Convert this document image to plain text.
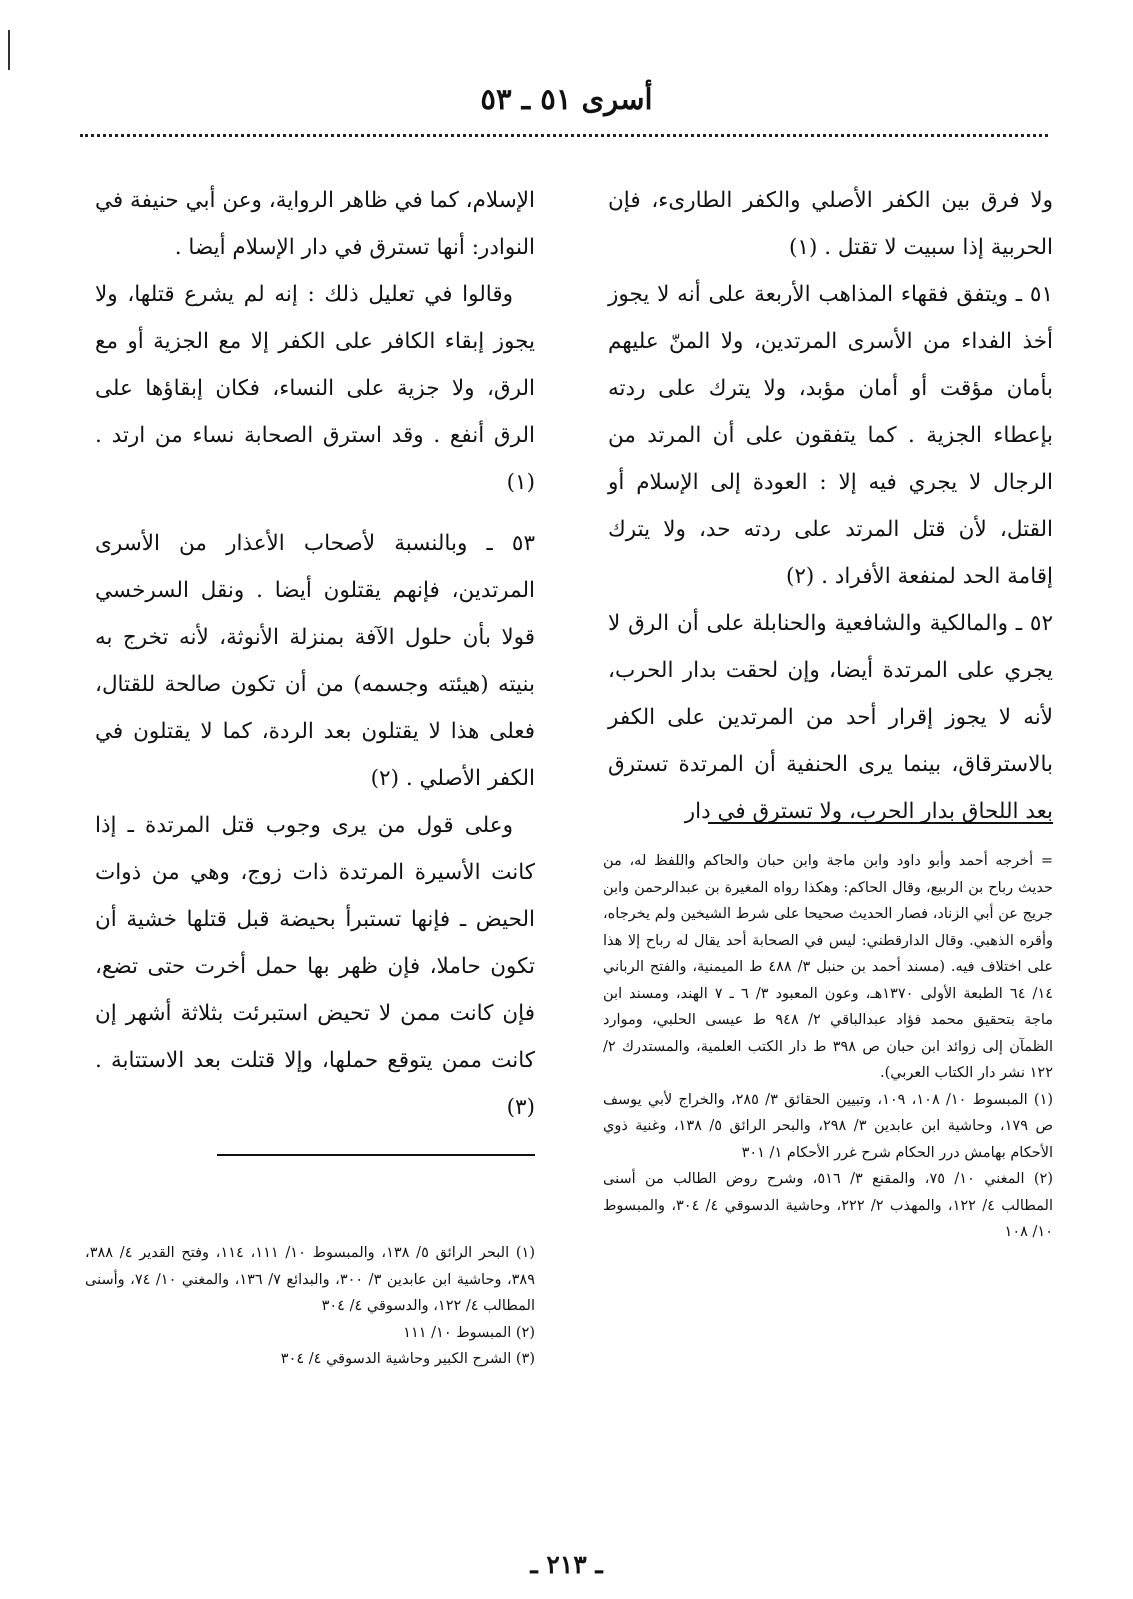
أسرى ٥١ ـ ٥٣

ولا فرق بين الكفر الأصلي والكفر الطارىء، فإن الحربية إذا سبيت لا تقتل . (١)

٥١ ـ ويتفق فقهاء المذاهب الأربعة على أنه لا يجوز أخذ الفداء من الأسرى المرتدين، ولا المنّ عليهم بأمان مؤقت أو أمان مؤبد، ولا يترك على ردته بإعطاء الجزية . كما يتفقون على أن المرتد من الرجال لا يجري فيه إلا : العودة إلى الإسلام أو القتل، لأن قتل المرتد على ردته حد، ولا يترك إقامة الحد لمنفعة الأفراد . (٢)

٥٢ ـ والمالكية والشافعية والحنابلة على أن الرق لا يجري على المرتدة أيضا، وإن لحقت بدار الحرب، لأنه لا يجوز إقرار أحد من المرتدين على الكفر بالاسترقاق، بينما يرى الحنفية أن المرتدة تسترق بعد اللحاق بدار الحرب، ولا تسترق في دار

الإسلام، كما في ظاهر الرواية، وعن أبي حنيفة في النوادر: أنها تسترق في دار الإسلام أيضا .

وقالوا في تعليل ذلك : إنه لم يشرع قتلها، ولا يجوز إبقاء الكافر على الكفر إلا مع الجزية أو مع الرق، ولا جزية على النساء، فكان إبقاؤها على الرق أنفع . وقد استرق الصحابة نساء من ارتد . (١)

٥٣ ـ وبالنسبة لأصحاب الأعذار من الأسرى المرتدين، فإنهم يقتلون أيضا . ونقل السرخسي قولا بأن حلول الآفة بمنزلة الأنوثة، لأنه تخرج به بنيته (هيئته وجسمه) من أن تكون صالحة للقتال، فعلى هذا لا يقتلون بعد الردة، كما لا يقتلون في الكفر الأصلي . (٢)

وعلى قول من يرى وجوب قتل المرتدة ـ إذا كانت الأسيرة المرتدة ذات زوج، وهي من ذوات الحيض ـ فإنها تستبرأ بحيضة قبل قتلها خشية أن تكون حاملا، فإن ظهر بها حمل أخرت حتى تضع، فإن كانت ممن لا تحيض استبرئت بثلاثة أشهر إن كانت ممن يتوقع حملها، وإلا قتلت بعد الاستتابة . (٣)

= أخرجه أحمد وأبو داود وابن ماجة وابن حبان والحاكم واللفظ له، من حديث رباح بن الربيع، وقال الحاكم: وهكذا رواه المغيرة بن عبدالرحمن وابن جريج عن أبي الزناد، فصار الحديث صحيحا على شرط الشيخين ولم يخرجاه، وأقره الذهبي. وقال الدارقطني: ليس في الصحابة أحد يقال له رباح إلا هذا على اختلاف فيه. (مسند أحمد بن حنبل ٣/ ٤٨٨ ط الميمنية، والفتح الرباني ١٤/ ٦٤ الطبعة الأولى ١٣٧٠هـ، وعون المعبود ٣/ ٦ ـ ٧ الهند، ومسند ابن ماجة بتحقيق محمد فؤاد عبدالباقي ٢/ ٩٤٨ ط عيسى الحلبي، وموارد الظمآن إلى زوائد ابن حبان ص ٣٩٨ ط دار الكتب العلمية، والمستدرك ٢/ ١٢٢ نشر دار الكتاب العربي).

(١) المبسوط ١٠/ ١٠٨، ١٠٩، وتبيين الحقائق ٣/ ٢٨٥، والخراج لأبي يوسف ص ١٧٩، وحاشية ابن عابدين ٣/ ٢٩٨، والبحر الرائق ٥/ ١٣٨، وغنية ذوي الأحكام بهامش درر الحكام شرح غرر الأحكام ١/ ٣٠١

(٢) المغني ١٠/ ٧٥، والمقنع ٣/ ٥١٦، وشرح روض الطالب من أسنى المطالب ٤/ ١٢٢، والمهذب ٢/ ٢٢٢، وحاشية الدسوقي ٤/ ٣٠٤، والمبسوط ١٠/ ١٠٨

(١) البحر الرائق ٥/ ١٣٨، والمبسوط ١٠/ ١١١، ١١٤، وفتح القدير ٤/ ٣٨٨، ٣٨٩، وحاشية ابن عابدين ٣/ ٣٠٠، والبدائع ٧/ ١٣٦، والمغني ١٠/ ٧٤، وأسنى المطالب ٤/ ١٢٢، والدسوقي ٤/ ٣٠٤

(٢) المبسوط ١٠/ ١١١

(٣) الشرح الكبير وحاشية الدسوقي ٤/ ٣٠٤

ـ ٢١٣ ـ
